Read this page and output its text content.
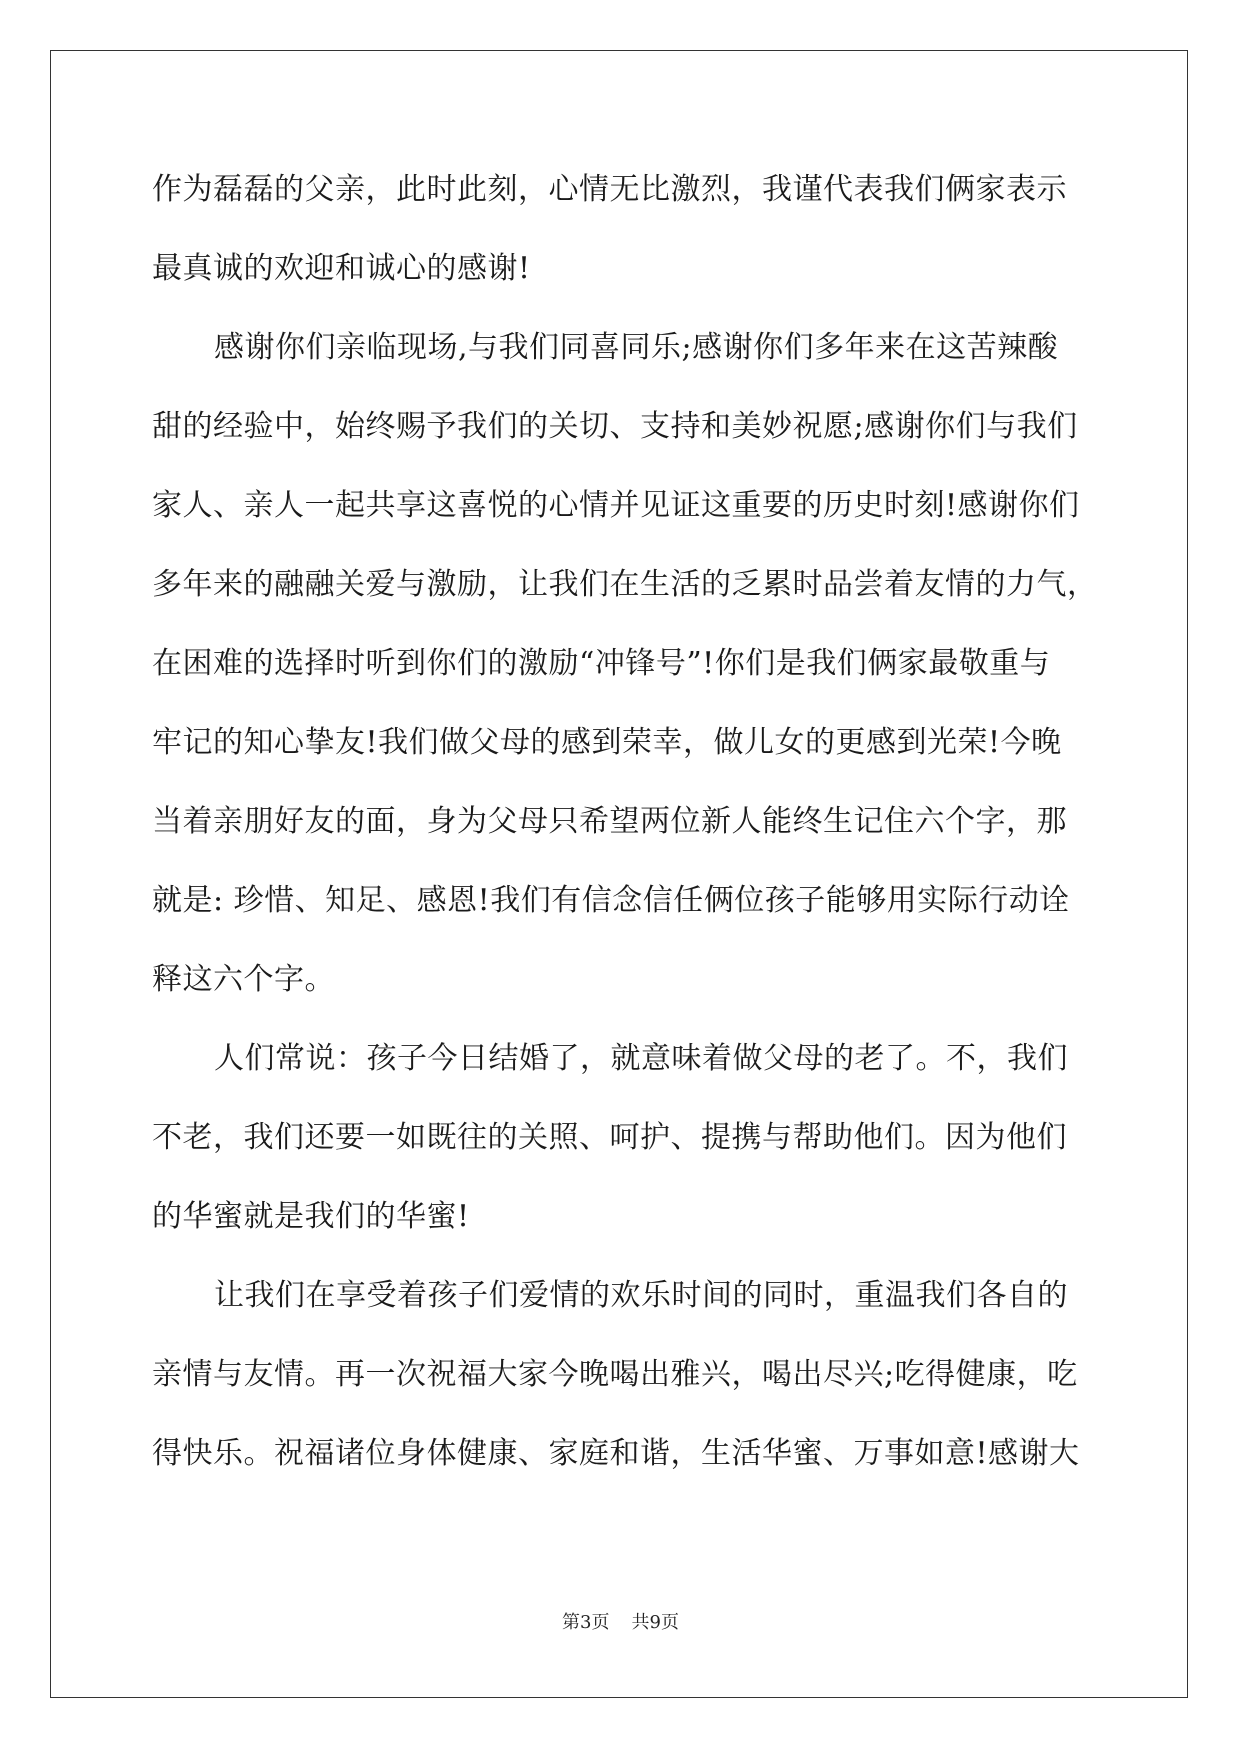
作为磊磊的父亲，此时此刻，心情无比激烈，我谨代表我们俩家表示
最真诚的欢迎和诚心的感谢!
感谢你们亲临现场,与我们同喜同乐;感谢你们多年来在这苦辣酸
甜的经验中，始终赐予我们的关切、支持和美妙祝愿;感谢你们与我们
家人、亲人一起共享这喜悦的心情并见证这重要的历史时刻!感谢你们
多年来的融融关爱与激励，让我们在生活的乏累时品尝着友情的力气，
在困难的选择时听到你们的激励“冲锋号”!你们是我们俩家最敬重与
牢记的知心挚友!我们做父母的感到荣幸，做儿女的更感到光荣!今晚
当着亲朋好友的面，身为父母只希望两位新人能终生记住六个字，那
就是: 珍惜、知足、感恩!我们有信念信任俩位孩子能够用实际行动诠
释这六个字。
人们常说：孩子今日结婚了，就意味着做父母的老了。不，我们
不老，我们还要一如既往的关照、呵护、提携与帮助他们。因为他们
的华蜜就是我们的华蜜!
让我们在享受着孩子们爱情的欢乐时间的同时，重温我们各自的
亲情与友情。再一次祝福大家今晚喝出雅兴，喝出尽兴;吃得健康，吃
得快乐。祝福诸位身体健康、家庭和谐，生活华蜜、万事如意!感谢大
第3页 共9页
